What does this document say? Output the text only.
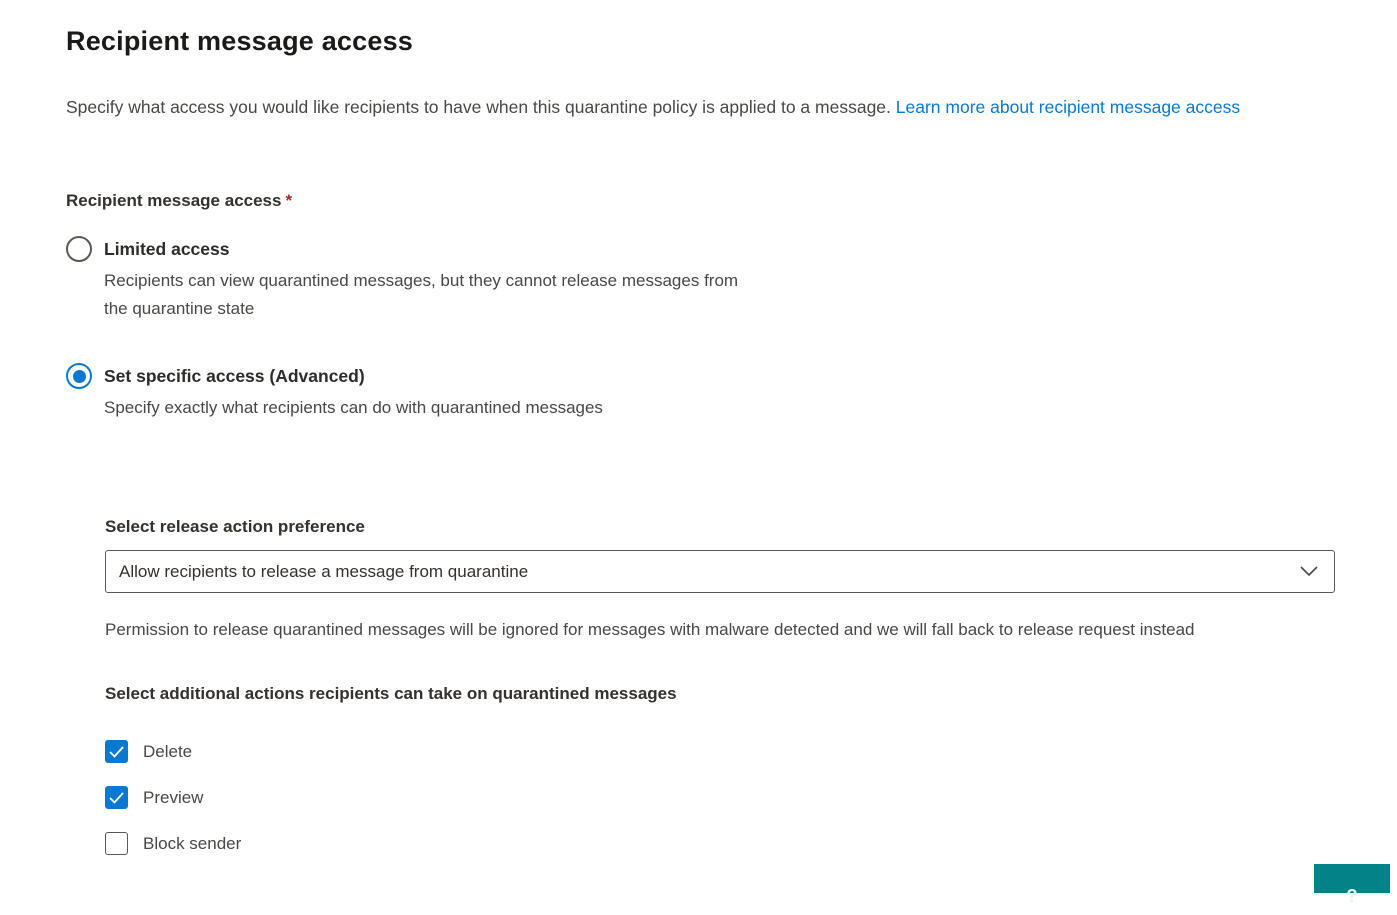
Recipient message access

Specify what access you would like recipients to have when this quarantine policy is applied to a message. Learn more about recipient message access

Recipient message access *
Limited access
Recipients can view quarantined messages, but they cannot release messages from the quarantine state
Set specific access (Advanced)
Specify exactly what recipients can do with quarantined messages
Select release action preference
Allow recipients to release a message from quarantine
Permission to release quarantined messages will be ignored for messages with malware detected and we will fall back to release request instead
Select additional actions recipients can take on quarantined messages
Delete
Preview
Block sender
?
